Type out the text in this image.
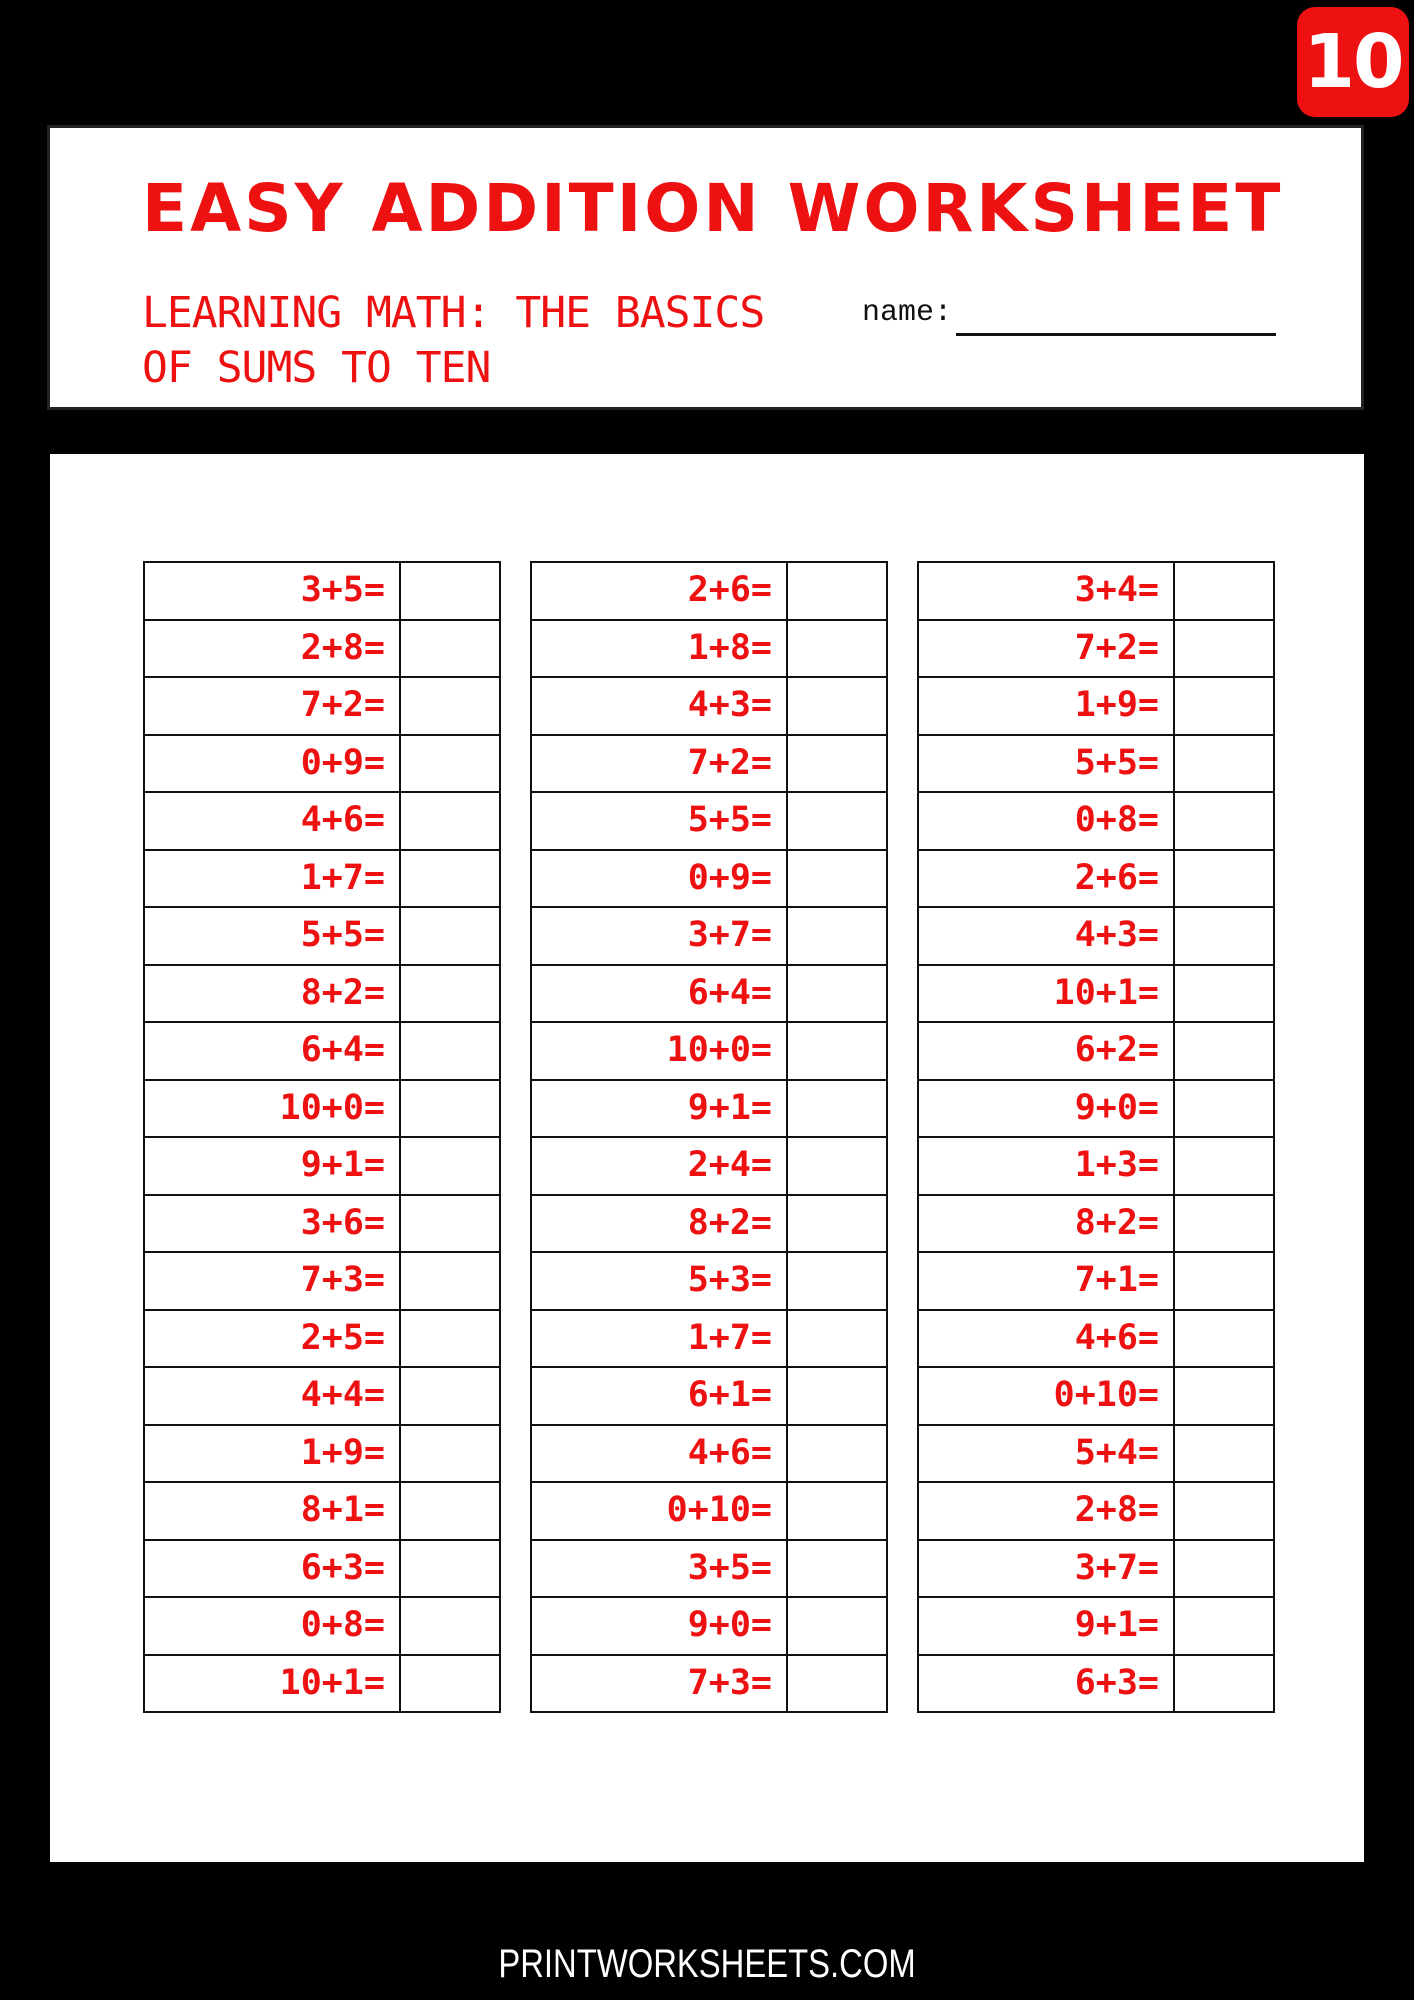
10
EASY ADDITION WORKSHEET
LEARNING MATH: THE BASICS
OF SUMS TO TEN
name:
3+5=	
2+8=	
7+2=	
0+9=	
4+6=	
1+7=	
5+5=	
8+2=	
6+4=	
10+0=	
9+1=	
3+6=	
7+3=	
2+5=	
4+4=	
1+9=	
8+1=	
6+3=	
0+8=	
10+1=	
2+6=	
1+8=	
4+3=	
7+2=	
5+5=	
0+9=	
3+7=	
6+4=	
10+0=	
9+1=	
2+4=	
8+2=	
5+3=	
1+7=	
6+1=	
4+6=	
0+10=	
3+5=	
9+0=	
7+3=	
3+4=	
7+2=	
1+9=	
5+5=	
0+8=	
2+6=	
4+3=	
10+1=	
6+2=	
9+0=	
1+3=	
8+2=	
7+1=	
4+6=	
0+10=	
5+4=	
2+8=	
3+7=	
9+1=	
6+3=	
PRINTWORKSHEETS.COM
